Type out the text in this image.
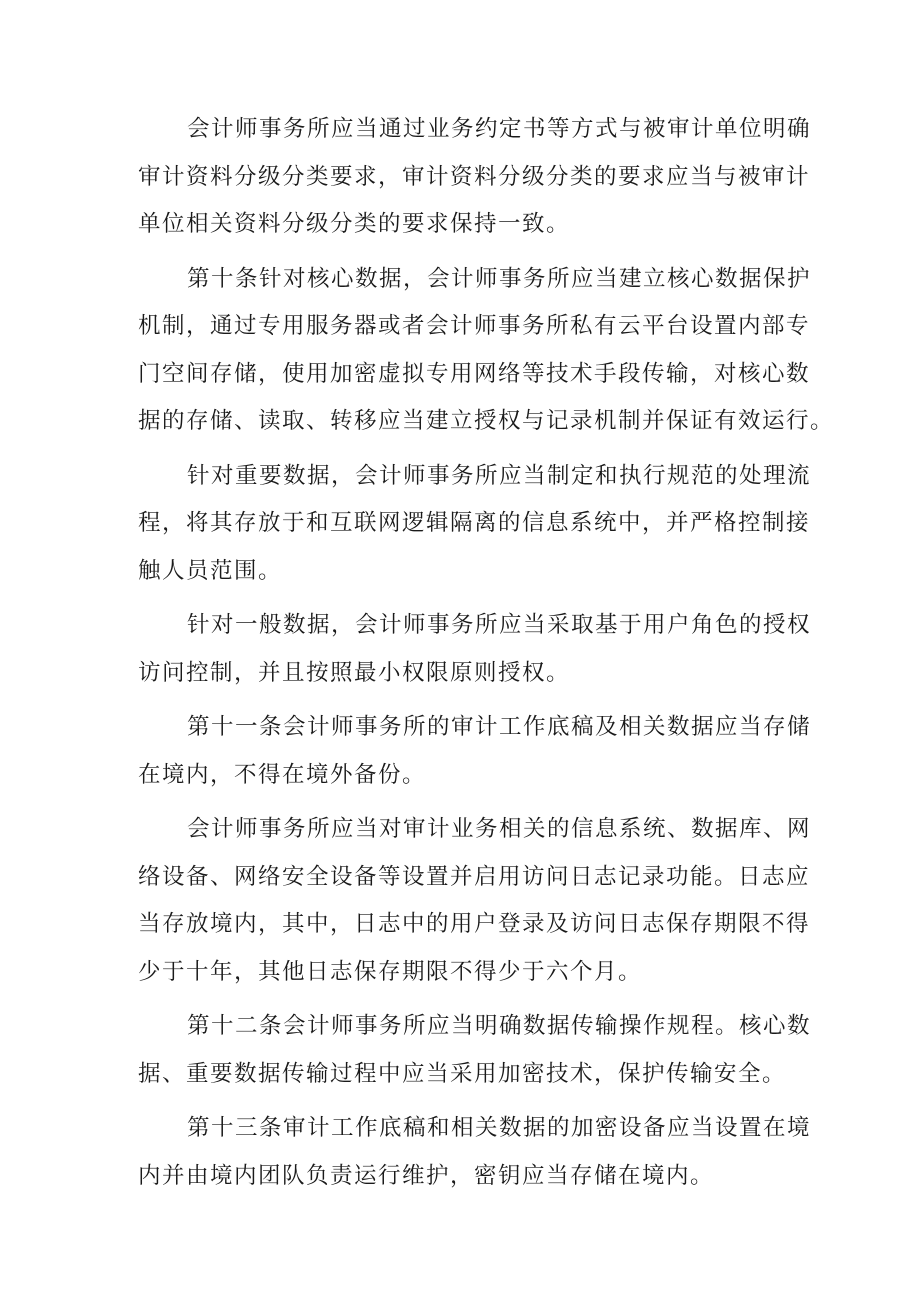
会计师事务所应当通过业务约定书等方式与被审计单位明确
审计资料分级分类要求，审计资料分级分类的要求应当与被审计
单位相关资料分级分类的要求保持一致。
第十条针对核心数据，会计师事务所应当建立核心数据保护
机制，通过专用服务器或者会计师事务所私有云平台设置内部专
门空间存储，使用加密虚拟专用网络等技术手段传输，对核心数
据的存储、读取、转移应当建立授权与记录机制并保证有效运行。
针对重要数据，会计师事务所应当制定和执行规范的处理流
程，将其存放于和互联网逻辑隔离的信息系统中，并严格控制接
触人员范围。
针对一般数据，会计师事务所应当采取基于用户角色的授权
访问控制，并且按照最小权限原则授权。
第十一条会计师事务所的审计工作底稿及相关数据应当存储
在境内，不得在境外备份。
会计师事务所应当对审计业务相关的信息系统、数据库、网
络设备、网络安全设备等设置并启用访问日志记录功能。日志应
当存放境内，其中，日志中的用户登录及访问日志保存期限不得
少于十年，其他日志保存期限不得少于六个月。
第十二条会计师事务所应当明确数据传输操作规程。核心数
据、重要数据传输过程中应当采用加密技术，保护传输安全。
第十三条审计工作底稿和相关数据的加密设备应当设置在境
内并由境内团队负责运行维护，密钥应当存储在境内。
